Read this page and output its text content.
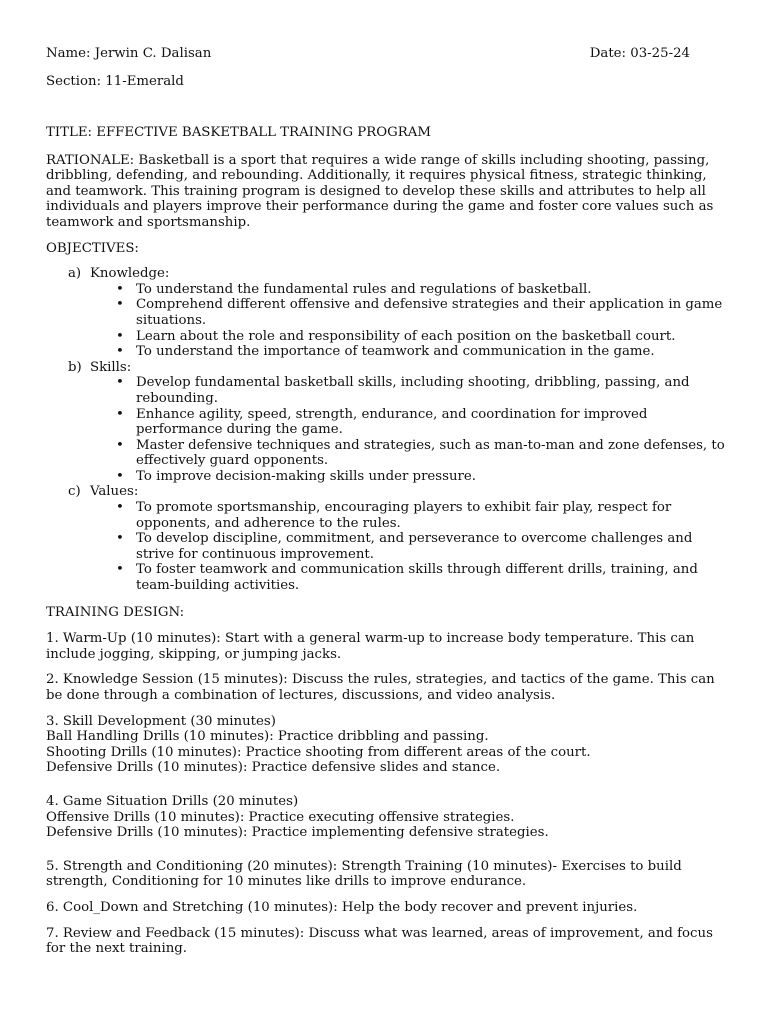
Name: Jerwin C. Dalisan	Date: 03-25-24
Section: 11-Emerald

TITLE: EFFECTIVE BASKETBALL TRAINING PROGRAM

RATIONALE: Basketball is a sport that requires a wide range of skills including shooting, passing, dribbling, defending, and rebounding. Additionally, it requires physical fitness, strategic thinking, and teamwork. This training program is designed to develop these skills and attributes to help all individuals and players improve their performance during the game and foster core values such as teamwork and sportsmanship.

OBJECTIVES:

a) Knowledge:
• To understand the fundamental rules and regulations of basketball.
• Comprehend different offensive and defensive strategies and their application in game situations.
• Learn about the role and responsibility of each position on the basketball court.
• To understand the importance of teamwork and communication in the game.
b) Skills:
• Develop fundamental basketball skills, including shooting, dribbling, passing, and rebounding.
• Enhance agility, speed, strength, endurance, and coordination for improved performance during the game.
• Master defensive techniques and strategies, such as man-to-man and zone defenses, to effectively guard opponents.
• To improve decision-making skills under pressure.
c) Values:
• To promote sportsmanship, encouraging players to exhibit fair play, respect for opponents, and adherence to the rules.
• To develop discipline, commitment, and perseverance to overcome challenges and strive for continuous improvement.
• To foster teamwork and communication skills through different drills, training, and team-building activities.

TRAINING DESIGN:

1. Warm-Up (10 minutes): Start with a general warm-up to increase body temperature. This can include jogging, skipping, or jumping jacks.

2. Knowledge Session (15 minutes): Discuss the rules, strategies, and tactics of the game. This can be done through a combination of lectures, discussions, and video analysis.

3. Skill Development (30 minutes)
Ball Handling Drills (10 minutes): Practice dribbling and passing.
Shooting Drills (10 minutes): Practice shooting from different areas of the court.
Defensive Drills (10 minutes): Practice defensive slides and stance.
4. Game Situation Drills (20 minutes)
Offensive Drills (10 minutes): Practice executing offensive strategies.
Defensive Drills (10 minutes): Practice implementing defensive strategies.

5. Strength and Conditioning (20 minutes): Strength Training (10 minutes)- Exercises to build strength, Conditioning for 10 minutes like drills to improve endurance.

6. Cool_Down and Stretching (10 minutes): Help the body recover and prevent injuries.

7. Review and Feedback (15 minutes): Discuss what was learned, areas of improvement, and focus for the next training.
